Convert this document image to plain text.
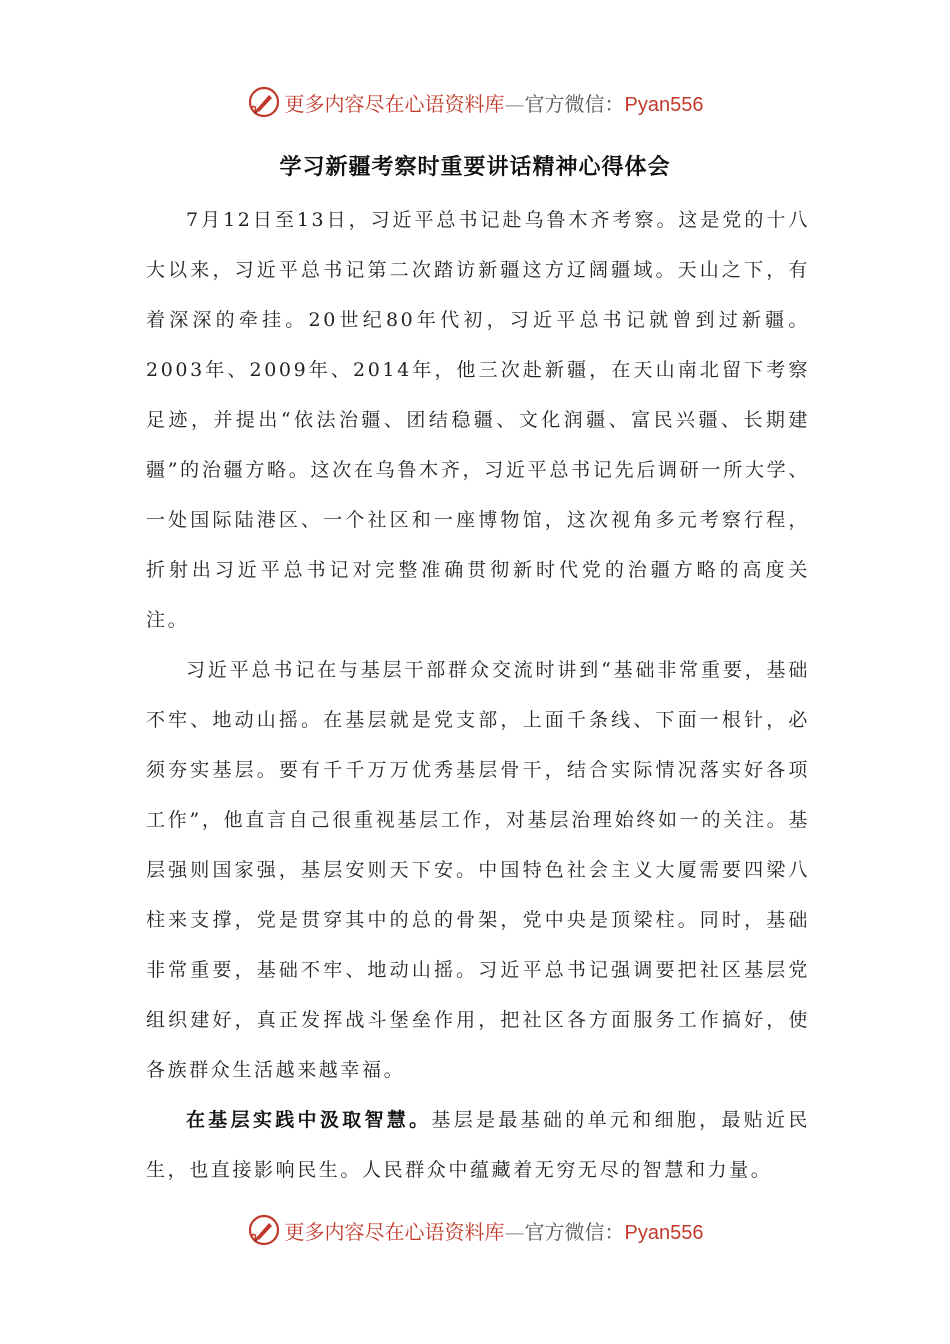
更多内容尽在心语资料库—官方微信：Pyan556
学习新疆考察时重要讲话精神心得体会

7月12日至13日，习近平总书记赴乌鲁木齐考察。这是党的十八大以来，习近平总书记第二次踏访新疆这方辽阔疆域。天山之下，有着深深的牵挂。20世纪80年代初，习近平总书记就曾到过新疆。2003年、2009年、2014年，他三次赴新疆，在天山南北留下考察足迹，并提出“依法治疆、团结稳疆、文化润疆、富民兴疆、长期建疆”的治疆方略。这次在乌鲁木齐，习近平总书记先后调研一所大学、一处国际陆港区、一个社区和一座博物馆，这次视角多元考察行程，折射出习近平总书记对完整准确贯彻新时代党的治疆方略的高度关注。

习近平总书记在与基层干部群众交流时讲到“基础非常重要，基础不牢、地动山摇。在基层就是党支部，上面千条线、下面一根针，必须夯实基层。要有千千万万优秀基层骨干，结合实际情况落实好各项工作”，他直言自己很重视基层工作，对基层治理始终如一的关注。基层强则国家强，基层安则天下安。中国特色社会主义大厦需要四梁八柱来支撑，党是贯穿其中的总的骨架，党中央是顶梁柱。同时，基础非常重要，基础不牢、地动山摇。习近平总书记强调要把社区基层党组织建好，真正发挥战斗堡垒作用，把社区各方面服务工作搞好，使各族群众生活越来越幸福。

在基层实践中汲取智慧。基层是最基础的单元和细胞，最贴近民生，也直接影响民生。人民群众中蕴藏着无穷无尽的智慧和力量。

更多内容尽在心语资料库—官方微信：Pyan556
